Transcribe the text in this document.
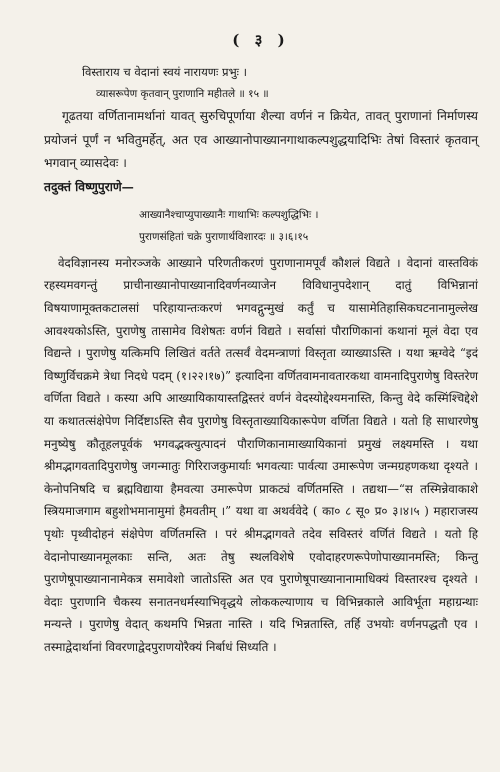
( ३ )
विस्ताराय च वेदानां स्वयं नारायणः प्रभुः ।
व्यासरूपेण कृतवान् पुराणानि महीतले ॥ १५ ॥

गूढतया वर्णितानामर्थानां यावत् सुरुचिपूर्णाया शैल्या वर्णनं न क्रियेत, तावत् पुराणानां निर्माणस्य प्रयोजनं पूर्णं न भवितुमर्हेत्, अत एव आख्यानोपाख्यानगाथाकल्पशुद्धयादिभिः तेषां विस्तारं कृतवान् भगवान् व्यासदेवः ।

तदुक्तं विष्णुपुराणे—
आख्यानैश्चाप्युपाख्यानैः गाथाभिः कल्पशुद्धिभिः ।
पुराणसंहितां चक्रे पुराणार्थविशारदः ॥ ३।६।१५

वेदविज्ञानस्य मनोरञ्जके आख्याने परिणतीकरणं पुराणानामपूर्वं कौशलं विद्यते । वेदानां वास्तविकं रहस्यमवगन्तुं प्राचीनाख्यानोपाख्यानादिवर्णनव्याजेन विविधानुपदेशान् दातुं विभिन्नानां विषयाणामूक्तकटालसां परिहायान्तःकरणं भगवद्गुन्मुखं कर्तुं च यासामेतिहासिकघटनानामुल्लेख आवश्यकोऽस्ति, पुराणेषु तासामेव विशेषतः वर्णनं विद्यते । सर्वासां पौराणिकानां कथानां मूलं वेदा एव विद्यन्ते । पुराणेषु यत्किमपि लिखितं वर्तते तत्सर्वं वेदमन्त्राणां विस्तृता व्याख्याऽस्ति । यथा ऋग्वेदे “इदं विष्णुर्विचक्रमे त्रेधा निदधे पदम् (१।२२।१७)” इत्यादिना वर्णितवामनावतारकथा वामनादिपुराणेषु विस्तरेण वर्णिता विद्यते । कस्या अपि आख्यायिकायास्तद्विस्तरं वर्णनं वेदस्योद्देश्यमनास्ति, किन्तु वेदे कस्मिंश्चिद्देशे या कथातत्संक्षेपेण निर्दिष्टाऽस्ति सैव पुराणेषु विस्तृताख्यायिकारूपेण वर्णिता विद्यते । यतो हि साधारणेषु मनुष्येषु कौतूहलपूर्वकं भगवद्भक्त्युत्पादनं पौराणिकानामाख्यायिकानां प्रमुखं लक्ष्यमस्ति । यथा श्रीमद्भागवतादिपुराणेषु जगन्मातुः गिरिराजकुमार्याः भगवत्याः पार्वत्या उमारूपेण जन्मग्रहणकथा दृश्यते । केनोपनिषदि च ब्रह्मविद्याया हैमवत्या उमारूपेण प्राकट्यं वर्णितमस्ति । तद्यथा—“स तस्मिन्नेवाकाशे स्त्रियमाजगाम बहुशोभमानामुमां हैमवतीम् ।” यथा वा अथर्ववेदे ( का० ८ सू० प्र० ३।४।५ ) महाराजस्य पृथोः पृथ्वीदोहनं संक्षेपेण वर्णितमस्ति । परं श्रीमद्भागवते तदेव सविस्तरं वर्णितं विद्यते । यतो हि वेदानोपाख्यानमूलकाः सन्ति, अतः तेषु स्थलविशेषे एवोदाहरणरूपेणोपाख्यानमस्ति; किन्तु पुराणेषूपाख्यानानामेकत्र समावेशो जातोऽस्ति अत एव पुराणेषूपाख्यानानामाधिक्यं विस्तारश्च दृश्यते । वेदाः पुराणानि चैकस्य सनातनधर्मस्याभिवृद्धये लोककल्याणाय च विभिन्नकाले आविर्भूता महाग्रन्थाः मन्यन्ते । पुराणेषु वेदात् कथमपि भिन्नता नास्ति । यदि भिन्नतास्ति, तर्हि उभयोः वर्णनपद्धतौ एव । तस्माद्वेदार्थानां विवरणाद्वेदपुराणयोरैक्यं निर्बाधं सिध्यति ।
